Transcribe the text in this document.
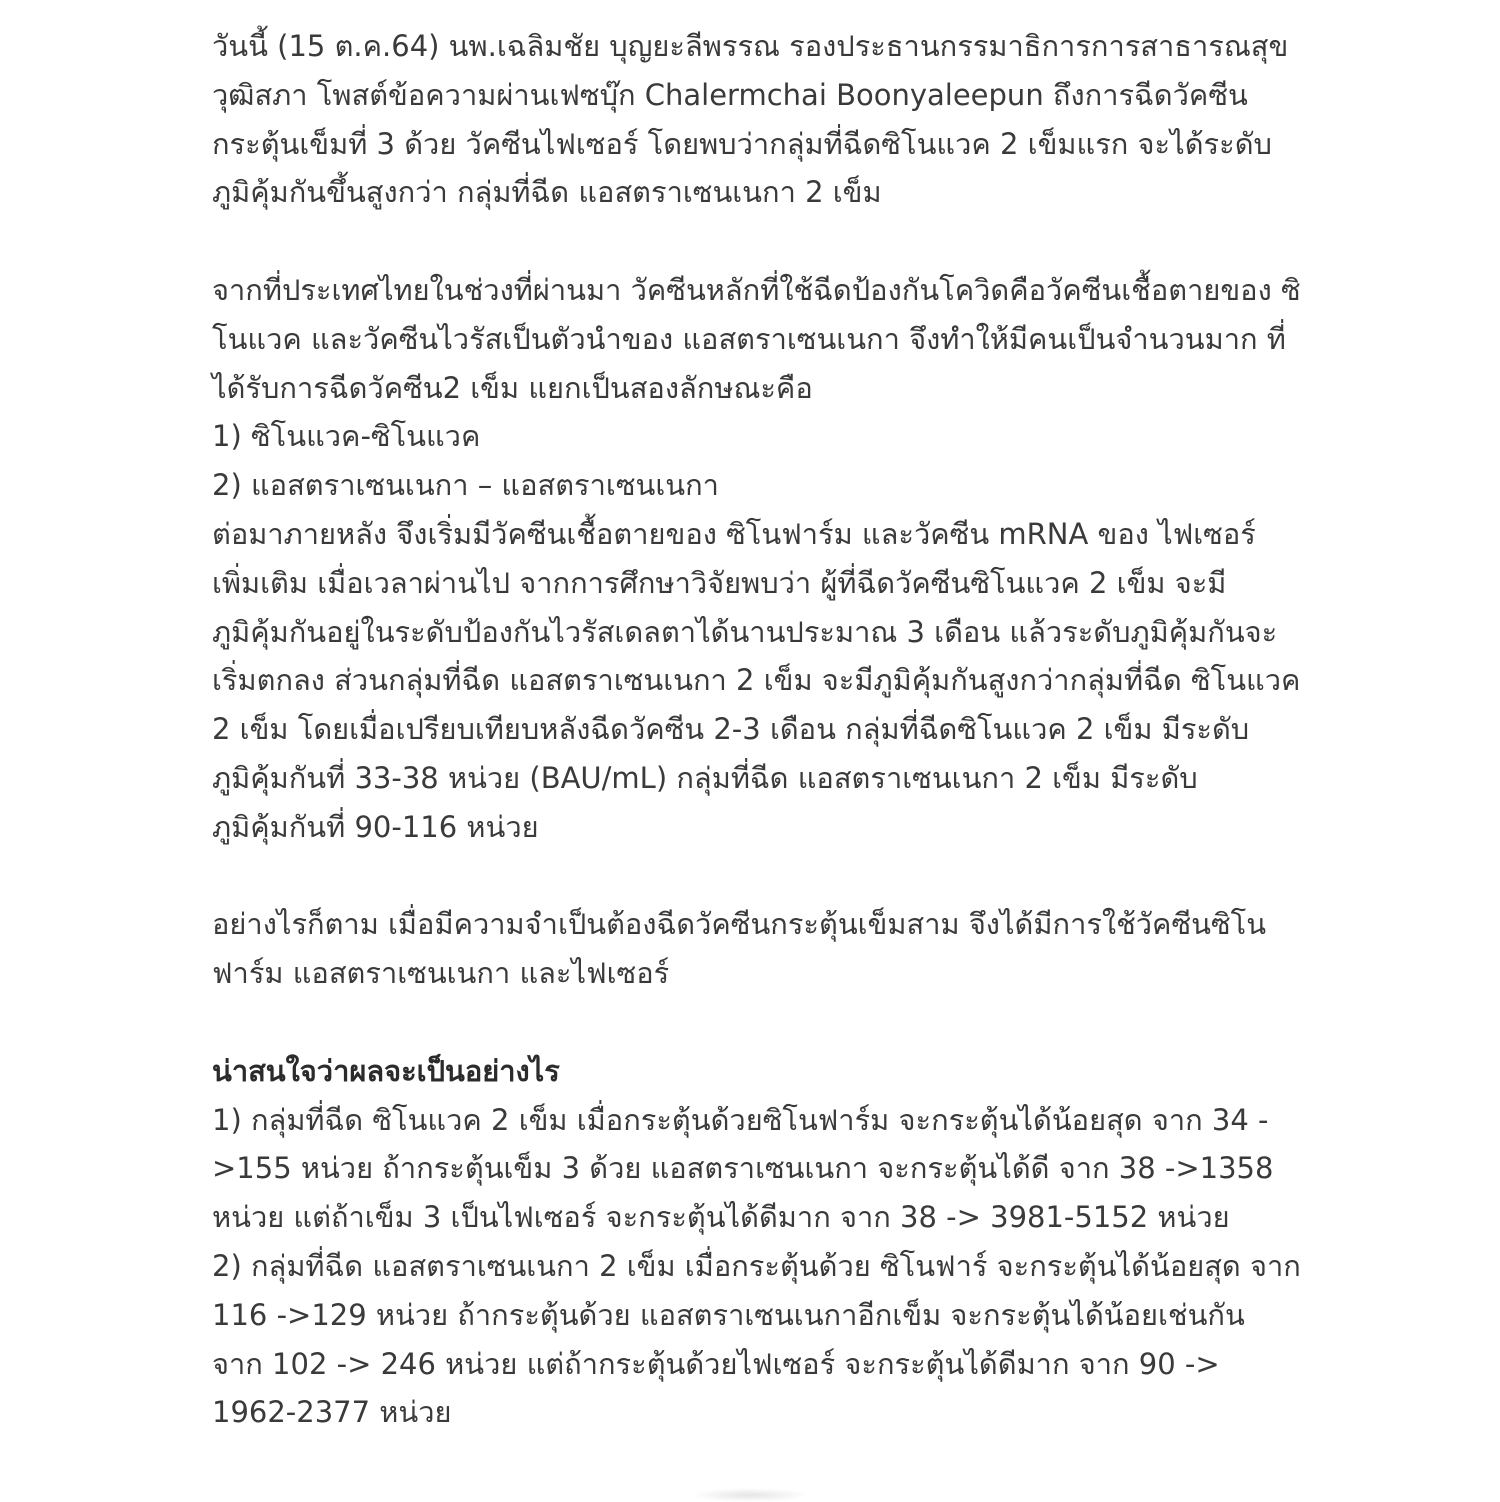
วันนี้ (15 ต.ค.64) นพ.เฉลิมชัย บุญยะลีพรรณ รองประธานกรรมาธิการการสาธารณสุข วุฒิสภา โพสต์ข้อความผ่านเฟซบุ๊ก Chalermchai Boonyaleepun ถึงการฉีดวัคซีนกระตุ้นเข็มที่ 3 ด้วย วัคซีนไฟเซอร์ โดยพบว่ากลุ่มที่ฉีดซิโนแวค 2 เข็มแรก จะได้ระดับภูมิคุ้มกันขึ้นสูงกว่า กลุ่มที่ฉีด แอสตราเซนเนกา 2 เข็ม

จากที่ประเทศไทยในช่วงที่ผ่านมา วัคซีนหลักที่ใช้ฉีดป้องกันโควิดคือวัคซีนเชื้อตายของ ซิโนแวค และวัคซีนไวรัสเป็นตัวนำของ แอสตราเซนเนกา จึงทำให้มีคนเป็นจำนวนมาก ที่ได้รับการฉีดวัคซีน2 เข็ม แยกเป็นสองลักษณะคือ

1) ซิโนแวค-ซิโนแวค

2) แอสตราเซนเนกา – แอสตราเซนเนกา

ต่อมาภายหลัง จึงเริ่มมีวัคซีนเชื้อตายของ ซิโนฟาร์ม และวัคซีน mRNA ของ ไฟเซอร์เพิ่มเติม เมื่อเวลาผ่านไป จากการศึกษาวิจัยพบว่า ผู้ที่ฉีดวัคซีนซิโนแวค 2 เข็ม จะมีภูมิคุ้มกันอยู่ในระดับป้องกันไวรัสเดลตาได้นานประมาณ 3 เดือน แล้วระดับภูมิคุ้มกันจะเริ่มตกลง ส่วนกลุ่มที่ฉีด แอสตราเซนเนกา 2 เข็ม จะมีภูมิคุ้มกันสูงกว่ากลุ่มที่ฉีด ซิโนแวค 2 เข็ม โดยเมื่อเปรียบเทียบหลังฉีดวัคซีน 2-3 เดือน กลุ่มที่ฉีดซิโนแวค 2 เข็ม มีระดับภูมิคุ้มกันที่ 33-38 หน่วย (BAU/mL) กลุ่มที่ฉีด แอสตราเซนเนกา 2 เข็ม มีระดับภูมิคุ้มกันที่ 90-116 หน่วย

อย่างไรก็ตาม เมื่อมีความจำเป็นต้องฉีดวัคซีนกระตุ้นเข็มสาม จึงได้มีการใช้วัคซีนซิโนฟาร์ม แอสตราเซนเนกา และไฟเซอร์

น่าสนใจว่าผลจะเป็นอย่างไร

1) กลุ่มที่ฉีด ซิโนแวค 2 เข็ม เมื่อกระตุ้นด้วยซิโนฟาร์ม จะกระตุ้นได้น้อยสุด จาก 34 ->155 หน่วย ถ้ากระตุ้นเข็ม 3 ด้วย แอสตราเซนเนกา จะกระตุ้นได้ดี จาก 38 ->1358 หน่วย แต่ถ้าเข็ม 3 เป็นไฟเซอร์ จะกระตุ้นได้ดีมาก จาก 38 -> 3981-5152 หน่วย

2) กลุ่มที่ฉีด แอสตราเซนเนกา 2 เข็ม เมื่อกระตุ้นด้วย ซิโนฟาร์ จะกระตุ้นได้น้อยสุด จาก 116 ->129 หน่วย ถ้ากระตุ้นด้วย แอสตราเซนเนกาอีกเข็ม จะกระตุ้นได้น้อยเช่นกัน จาก 102 -> 246 หน่วย แต่ถ้ากระตุ้นด้วยไฟเซอร์ จะกระตุ้นได้ดีมาก จาก 90 -> 1962-2377 หน่วย
